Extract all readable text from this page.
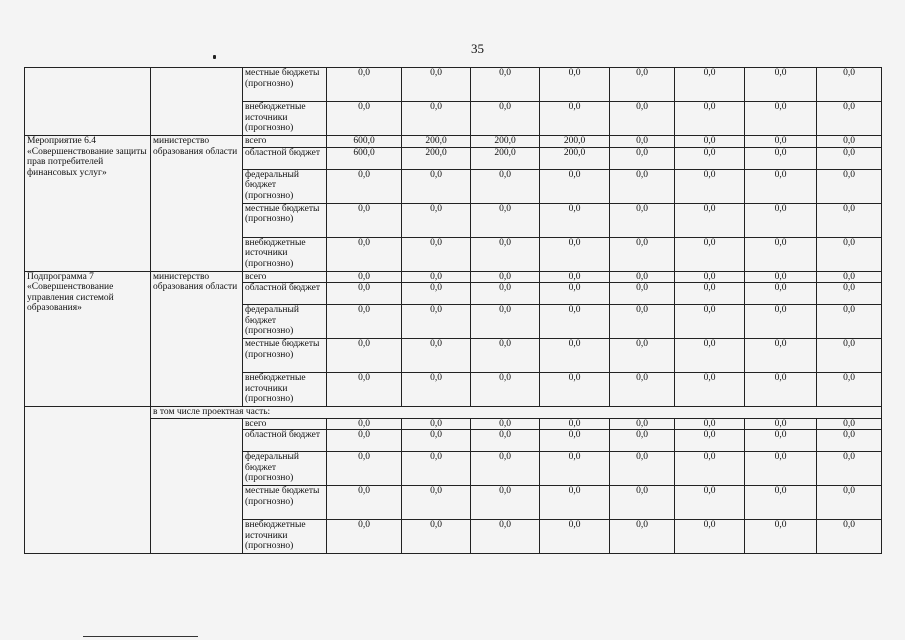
35
		местные бюджеты (прогнозно)	0,0	0,0	0,0	0,0	0,0	0,0	0,0	0,0
		внебюджетные источники (прогнозно)	0,0	0,0	0,0	0,0	0,0	0,0	0,0	0,0
Мероприятие 6.4 «Совершенствование защиты прав потребителей финансовых услуг»	министерство образования области	всего	600,0	200,0	200,0	200,0	0,0	0,0	0,0	0,0
		областной бюджет	600,0	200,0	200,0	200,0	0,0	0,0	0,0	0,0
		федеральный бюджет (прогнозно)	0,0	0,0	0,0	0,0	0,0	0,0	0,0	0,0
		местные бюджеты (прогнозно)	0,0	0,0	0,0	0,0	0,0	0,0	0,0	0,0
		внебюджетные источники (прогнозно)	0,0	0,0	0,0	0,0	0,0	0,0	0,0	0,0
Подпрограмма 7 «Совершенствование управления системой образования»	министерство образования области	всего	0,0	0,0	0,0	0,0	0,0	0,0	0,0	0,0
		областной бюджет	0,0	0,0	0,0	0,0	0,0	0,0	0,0	0,0
		федеральный бюджет (прогнозно)	0,0	0,0	0,0	0,0	0,0	0,0	0,0	0,0
		местные бюджеты (прогнозно)	0,0	0,0	0,0	0,0	0,0	0,0	0,0	0,0
		внебюджетные источники (прогнозно)	0,0	0,0	0,0	0,0	0,0	0,0	0,0	0,0
	в том числе проектная часть:									
		всего	0,0	0,0	0,0	0,0	0,0	0,0	0,0	0,0
		областной бюджет	0,0	0,0	0,0	0,0	0,0	0,0	0,0	0,0
		федеральный бюджет (прогнозно)	0,0	0,0	0,0	0,0	0,0	0,0	0,0	0,0
		местные бюджеты (прогнозно)	0,0	0,0	0,0	0,0	0,0	0,0	0,0	0,0
		внебюджетные источники (прогнозно)	0,0	0,0	0,0	0,0	0,0	0,0	0,0	0,0
